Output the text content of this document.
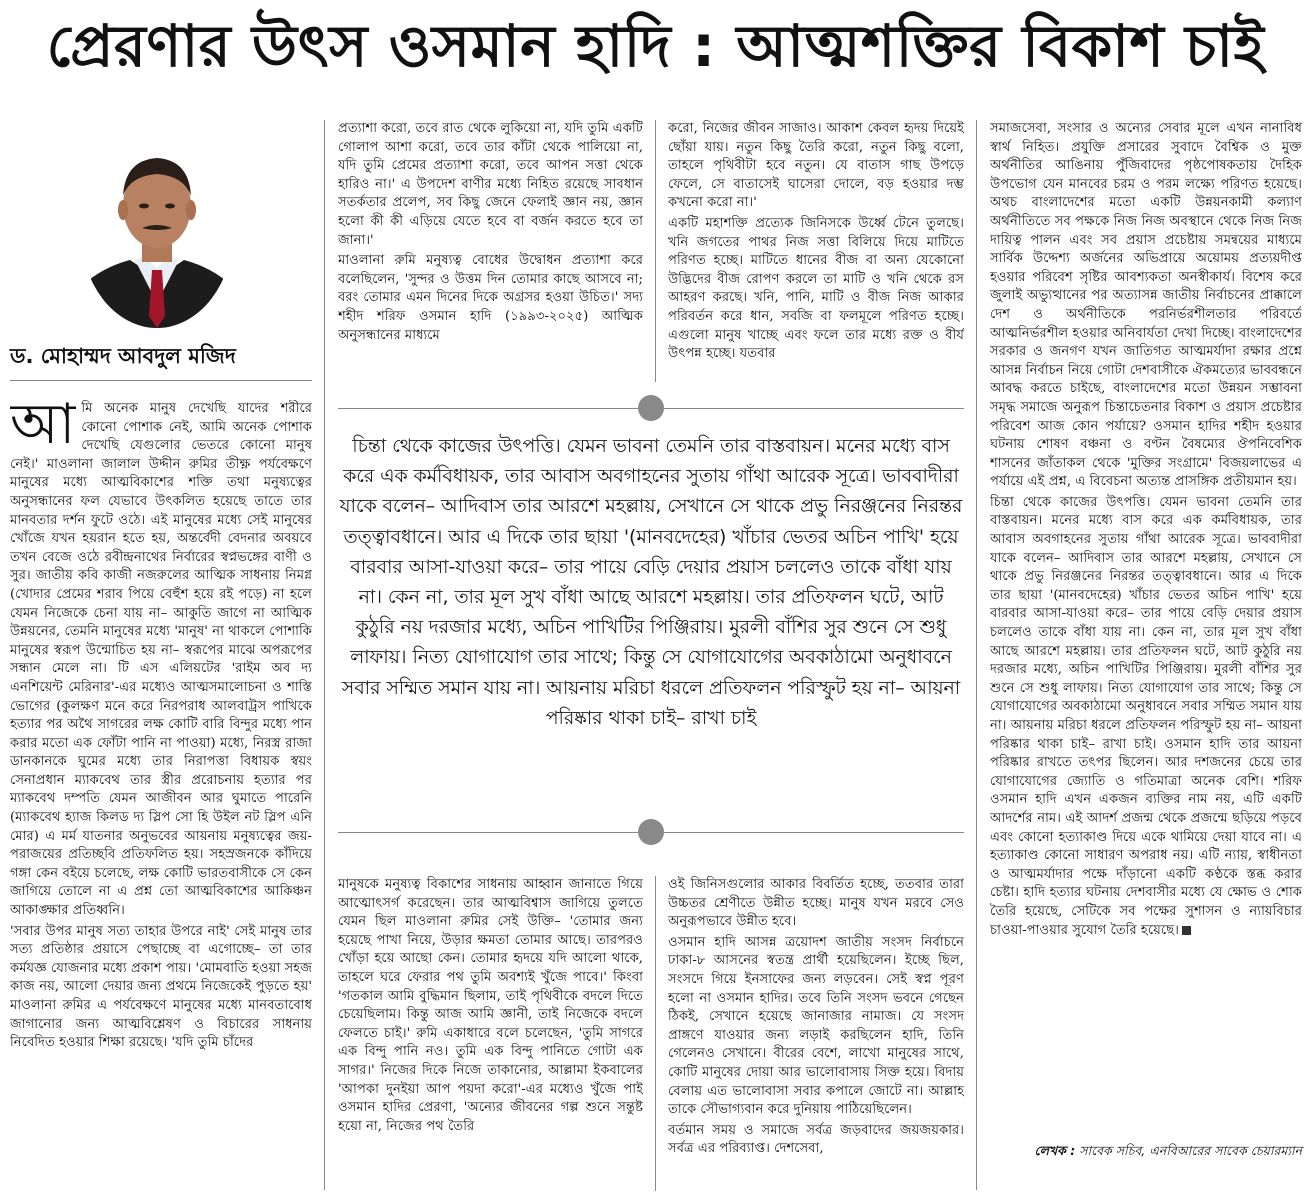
প্রেরণার উৎস ওসমান হাদি : আত্মশক্তির বিকাশ চাই
ড. মোহাম্মদ আবদুল মজিদ

আমি অনেক মানুষ দেখেছি যাদের শরীরে কোনো পোশাক নেই, আমি অনেক পোশাক দেখেছি যেগুলোর ভেতরে কোনো মানুষ নেই।' মাওলানা জালাল উদ্দীন রুমির তীক্ষ্ণ পর্যবেক্ষণে মানুষের মধ্যে আত্মবিকাশের শক্তি তথা মনুষ্যত্বের অনুসন্ধানের ফল যেভাবে উৎকলিত হয়েছে তাতে তার মানবতার দর্শন ফুটে ওঠে। এই মানুষের মধ্যে সেই মানুষের খোঁজে যখন হয়রান হতে হয়, অন্তর্বেদী বেদনার অবয়বে তখন বেজে ওঠে রবীন্দ্রনাথের নির্বারের স্বপ্নভঙ্গের বাণী ও সুর। জাতীয় কবি কাজী নজরুলের আত্মিক সাধনায় নিমগ্ন (খোদার প্রেমের শরাব পিয়ে বেহুঁশ হয়ে রই পড়ে) না হলে যেমন নিজেকে চেনা যায় না– আকুতি জাগে না আত্মিক উন্নয়নের, তেমনি মানুষের মধ্যে 'মানুষ' না থাকলে পোশাকি মানুষের স্বরূপ উন্মোচিত হয় না– স্বরূপের মাঝে অপরূপের সন্ধান মেলে না। টি এস এলিয়টের 'রাইম অব দ্য এনশিয়েন্ট মেরিনার'-এর মধ্যেও আত্মসমালোচনা ও শাস্তি ভোগের (কুলক্ষণ মনে করে নিরপরাধ আলবাট্রস পাখিকে হত্যার পর অথৈ সাগরের লক্ষ কোটি বারি বিন্দুর মধ্যে পান করার মতো এক ফোঁটা পানি না পাওয়া) মধ্যে, নিরস্ত্র রাজা ডানকানকে ঘুমের মধ্যে তার নিরাপত্তা বিধায়ক স্বয়ং সেনাপ্রধান ম্যাকবেথ তার স্ত্রীর প্ররোচনায় হত্যার পর ম্যাকবেথ দম্পতি যেমন আজীবন আর ঘুমাতে পারেনি (ম্যাকবেথ হ্যাজ কিলড দ্য স্লিপ সো হি উইল নট স্লিপ এনি মোর) এ মর্ম যাতনার অনুভবের আয়নায় মনুষ্যত্বের জয়-পরাজয়ের প্রতিচ্ছবি প্রতিফলিত হয়। সহস্রজনকে কাঁদিয়ে গঙ্গা কেন বইয়ে চলেছে, লক্ষ কোটি ভারতবাসীকে সে কেন জাগিয়ে তোলে না এ প্রশ্ন তো আত্মবিকাশের আকিঞ্চন আকাঙ্ক্ষার প্রতিধ্বনি।

'সবার উপর মানুষ সত্য তাহার উপরে নাই' সেই মানুষ তার সত্য প্রতিষ্ঠার প্রয়াসে পেছাচ্ছে বা এগোচ্ছে– তা তার কর্মযজ্ঞ যোজনার মধ্যে প্রকাশ পায়। 'মোমবাতি হওয়া সহজ কাজ নয়, আলো দেয়ার জন্য প্রথমে নিজেকেই পুড়তে হয়' মাওলানা রুমির এ পর্যবেক্ষণে মানুষের মধ্যে মানবতাবোধ জাগানোর জন্য আত্মবিশ্লেষণ ও বিচারের সাধনায় নিবেদিত হওয়ার শিক্ষা রয়েছে। 'যদি তুমি চাঁদের

প্রত্যাশা করো, তবে রাত থেকে লুকিয়ো না, যদি তুমি একটি গোলাপ আশা করো, তবে তার কাঁটা থেকে পালিয়ো না, যদি তুমি প্রেমের প্রত্যাশা করো, তবে আপন সত্তা থেকে হারিও না।' এ উপদেশ বাণীর মধ্যে নিহিত রয়েছে সাবধান সতর্কতার প্রলেপ, সব কিছু জেনে ফেলাই জ্ঞান নয়, জ্ঞান হলো কী কী এড়িয়ে যেতে হবে বা বর্জন করতে হবে তা জানা।'

মাওলানা রুমি মনুষ্যত্ব বোধের উদ্বোধন প্রত্যাশা করে বলেছিলেন, 'সুন্দর ও উত্তম দিন তোমার কাছে আসবে না; বরং তোমার এমন দিনের দিকে অগ্রসর হওয়া উচিত।' সদ্য শহীদ শরিফ ওসমান হাদি (১৯৯৩-২০২৫) আত্মিক অনুসন্ধানের মাধ্যমে

করো, নিজের জীবন সাজাও। আকাশ কেবল হৃদয় দিয়েই ছোঁয়া যায়। নতুন কিছু তৈরি করো, নতুন কিছু বলো, তাহলে পৃথিবীটা হবে নতুন। যে বাতাস গাছ উপড়ে ফেলে, সে বাতাসেই ঘাসেরা দোলে, বড় হওয়ার দম্ভ কখনো করো না।'

একটি মহাশক্তি প্রত্যেক জিনিসকে উর্ধ্বে টেনে তুলছে। খনি জগতের পাথর নিজ সত্তা বিলিয়ে দিয়ে মাটিতে পরিণত হচ্ছে। মাটিতে ধানের বীজ বা অন্য যেকোনো উদ্ভিদের বীজ রোপণ করলে তা মাটি ও খনি থেকে রস আহরণ করছে। খনি, পানি, মাটি ও বীজ নিজ আকার পরিবর্তন করে ধান, সবজি বা ফলমূলে পরিণত হচ্ছে। এগুলো মানুষ খাচ্ছে এবং ফলে তার মধ্যে রক্ত ও বীর্য উৎপন্ন হচ্ছে। যতবার

চিন্তা থেকে কাজের উৎপত্তি। যেমন ভাবনা তেমনি তার বাস্তবায়ন। মনের মধ্যে বাস করে এক কর্মবিধায়ক, তার আবাস অবগাহনের সুতায় গাঁথা আরেক সূত্রে। ভাববাদীরা যাকে বলেন– আদিবাস তার আরশে মহল্লায়, সেখানে সে থাকে প্রভু নিরঞ্জনের নিরন্তর তত্ত্বাবধানে। আর এ দিকে তার ছায়া '(মানবদেহের) খাঁচার ভেতর অচিন পাখি' হয়ে বারবার আসা-যাওয়া করে– তার পায়ে বেড়ি দেয়ার প্রয়াস চললেও তাকে বাঁধা যায় না। কেন না, তার মূল সুখ বাঁধা আছে আরশে মহল্লায়। তার প্রতিফলন ঘটে, আট কুঠুরি নয় দরজার মধ্যে, অচিন পাখিটির পিঞ্জিরায়। মুরলী বাঁশির সুর শুনে সে শুধু লাফায়। নিত্য যোগাযোগ তার সাথে; কিন্তু সে যোগাযোগের অবকাঠামো অনুধাবনে সবার সম্মিত সমান যায় না। আয়নায় মরিচা ধরলে প্রতিফলন পরিস্ফুট হয় না– আয়না পরিষ্কার থাকা চাই– রাখা চাই

মানুষকে মনুষ্যত্ব বিকাশের সাধনায় আহ্বান জানাতে গিয়ে আত্মোৎসর্গ করেছেন। তার আত্মবিশ্বাস জাগিয়ে তুলতে যেমন ছিল মাওলানা রুমির সেই উক্তি– 'তোমার জন্য হয়েছে পাখা নিয়ে, উড়ার ক্ষমতা তোমার আছে। তারপরও খোঁড়া হয়ে আছো কেন। তোমার হৃদয়ে যদি আলো থাকে, তাহলে ঘরে ফেরার পথ তুমি অবশ্যই খুঁজে পাবে।' কিংবা 'গতকাল আমি বুদ্ধিমান ছিলাম, তাই পৃথিবীকে বদলে দিতে চেয়েছিলাম। কিন্তু আজ আমি জ্ঞানী, তাই নিজেকে বদলে ফেলতে চাই।' রুমি একাধারে বলে চলেছেন, 'তুমি সাগরে এক বিন্দু পানি নও। তুমি এক বিন্দু পানিতে গোটা এক সাগর।' নিজের দিকে নিজে তাকানোর, আল্লামা ইকবালের 'আপকা দুনইয়া আপ পয়দা করো'-এর মধ্যেও খুঁজে পাই ওসমান হাদির প্রেরণা, 'অন্যের জীবনের গল্প শুনে সন্তুষ্ট হয়ো না, নিজের পথ তৈরি

ওই জিনিসগুলোর আকার বিবর্তিত হচ্ছে, ততবার তারা উচ্চতর শ্রেণীতে উন্নীত হচ্ছে। মানুষ যখন মরবে সেও অনুরূপভাবে উন্নীত হবে।

ওসমান হাদি আসন্ন ত্রয়োদশ জাতীয় সংসদ নির্বাচনে ঢাকা-৮ আসনের স্বতন্ত্র প্রার্থী হয়েছিলেন। ইচ্ছে ছিল, সংসদে গিয়ে ইনসাফের জন্য লড়বেন। সেই স্বপ্ন পূরণ হলো না ওসমান হাদির। তবে তিনি সংসদ ভবনে গেছেন ঠিকই, সেখানে হয়েছে জানাজার নামাজ। যে সংসদ প্রাঙ্গণে যাওয়ার জন্য লড়াই করছিলেন হাদি, তিনি গেলেনও সেখানে। বীরের বেশে, লাখো মানুষের সাথে, কোটি মানুষের দোয়া আর ভালোবাসায় সিক্ত হয়ে। বিদায় বেলায় এত ভালোবাসা সবার কপালে জোটে না। আল্লাহ তাকে সৌভাগ্যবান করে দুনিয়ায় পাঠিয়েছিলেন।

বর্তমান সময় ও সমাজে সর্বত্র জড়বাদের জয়জয়কার। সর্বত্র এর পরিব্যাপ্ত। দেশসেবা,

সমাজসেবা, সংসার ও অন্যের সেবার মূলে এখন নানাবিধ স্বার্থ নিহিত। প্রযুক্তি প্রসারের সুবাদে বৈশ্বিক ও মুক্ত অর্থনীতির আঙিনায় পুঁজিবাদের পৃষ্ঠপোষকতায় দৈহিক উপভোগ যেন মানবের চরম ও পরম লক্ষ্যে পরিণত হয়েছে। অথচ বাংলাদেশের মতো একটি উন্নয়নকামী কল্যাণ অর্থনীতিতে সব পক্ষকে নিজ নিজ অবস্থানে থেকে নিজ নিজ দায়িত্ব পালন এবং সব প্রয়াস প্রচেষ্টায় সমন্বয়ের মাধ্যমে সার্বিক উদ্দেশ্য অর্জনের অভিপ্রায়ে অয়োময় প্রত্যয়দীপ্ত হওয়ার পরিবেশ সৃষ্টির আবশ্যকতা অনস্বীকার্য। বিশেষ করে জুলাই অভ্যুত্থানের পর অত্যাসন্ন জাতীয় নির্বাচনের প্রাক্কালে দেশ ও অর্থনীতিকে পরনির্ভরশীলতার পরিবর্তে আত্মনির্ভরশীল হওয়ার অনিবার্যতা দেখা দিচ্ছে। বাংলাদেশের সরকার ও জনগণ যখন জাতিগত আত্মমর্যাদা রক্ষার প্রশ্নে আসন্ন নির্বাচন নিয়ে গোটা দেশবাসীকে ঐকমত্যের ভাববন্ধনে আবদ্ধ করতে চাইছে, বাংলাদেশের মতো উন্নয়ন সম্ভাবনা সমৃদ্ধ সমাজে অনুরূপ চিন্তাচেতনার বিকাশ ও প্রয়াস প্রচেষ্টার পরিবেশ আজ কোন পর্যায়ে? ওসমান হাদির শহীদ হওয়ার ঘটনায় শোষণ বঞ্চনা ও বণ্টন বৈষম্যের ঔপনিবেশিক শাসনের জাঁতাকল থেকে 'মুক্তির সংগ্রামে' বিজয়লাভের এ পর্যায়ে এই প্রশ্ন, এ বিবেচনা অত্যন্ত প্রাসঙ্গিক প্রতীয়মান হয়।

চিন্তা থেকে কাজের উৎপত্তি। যেমন ভাবনা তেমনি তার বাস্তবায়ন। মনের মধ্যে বাস করে এক কর্মবিধায়ক, তার আবাস অবগাহনের সুতায় গাঁথা আরেক সূত্রে। ভাববাদীরা যাকে বলেন– আদিবাস তার আরশে মহল্লায়, সেখানে সে থাকে প্রভু নিরঞ্জনের নিরন্তর তত্ত্বাবধানে। আর এ দিকে তার ছায়া '(মানবদেহের) খাঁচার ভেতর অচিন পাখি' হয়ে বারবার আসা-যাওয়া করে– তার পায়ে বেড়ি দেয়ার প্রয়াস চললেও তাকে বাঁধা যায় না। কেন না, তার মূল সুখ বাঁধা আছে আরশে মহল্লায়। তার প্রতিফলন ঘটে, আট কুঠুরি নয় দরজার মধ্যে, অচিন পাখিটির পিঞ্জিরায়। মুরলী বাঁশির সুর শুনে সে শুধু লাফায়। নিত্য যোগাযোগ তার সাথে; কিন্তু সে যোগাযোগের অবকাঠামো অনুধাবনে সবার সম্মিত সমান যায় না। আয়নায় মরিচা ধরলে প্রতিফলন পরিস্ফুট হয় না– আয়না পরিষ্কার থাকা চাই– রাখা চাই। ওসমান হাদি তার আয়না পরিষ্কার রাখতে তৎপর ছিলেন। আর দশজনের চেয়ে তার যোগাযোগের জ্যোতি ও গতিমাত্রা অনেক বেশি। শরিফ ওসমান হাদি এখন একজন ব্যক্তির নাম নয়, এটি একটি আদর্শের নাম। এই আদর্শ প্রজন্ম থেকে প্রজন্মে ছড়িয়ে পড়বে এবং কোনো হত্যাকাণ্ড দিয়ে একে থামিয়ে দেয়া যাবে না। এ হত্যাকাণ্ড কোনো সাধারণ অপরাধ নয়। এটি ন্যায়, স্বাধীনতা ও আত্মমর্যাদার পক্ষে দাঁড়ানো একটি কণ্ঠকে স্তব্ধ করার চেষ্টা। হাদি হত্যার ঘটনায় দেশবাসীর মধ্যে যে ক্ষোভ ও শোক তৈরি হয়েছে, সেটিকে সব পক্ষের সুশাসন ও ন্যায়বিচার চাওয়া-পাওয়ার সুযোগ তৈরি হয়েছে।

লেখক : সাবেক সচিব, এনবিআরের সাবেক চেয়ারম্যান
